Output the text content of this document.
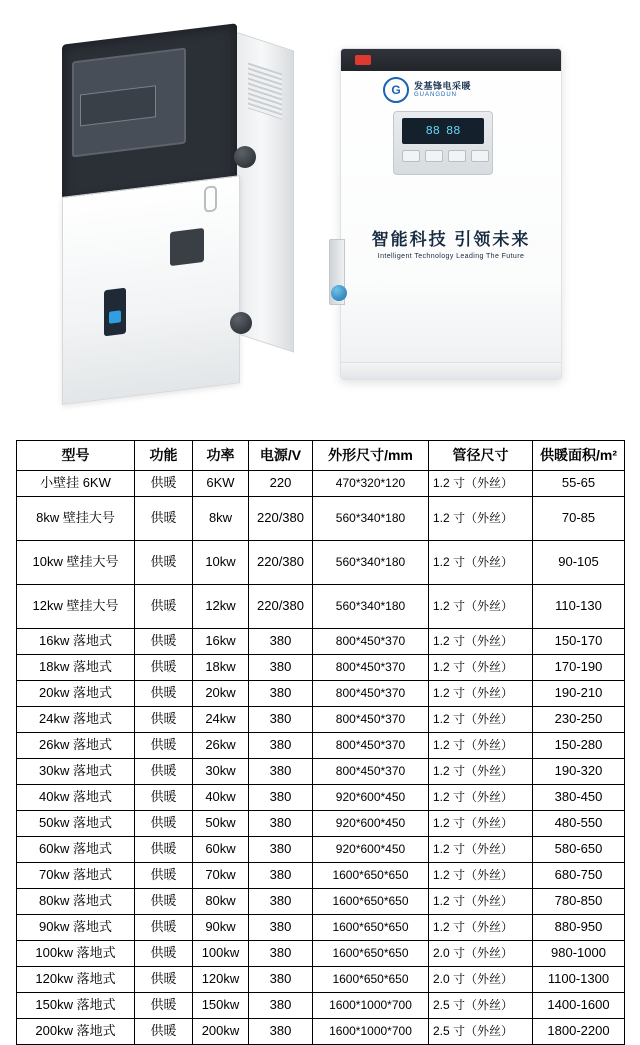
G	发基锋电采暖
GUANGDUN
88 88
智能科技 引领未来
Intelligent Technology Leading The Future
型号	功能	功率	电源/V	外形尺寸/mm	管径尺寸	供暖面积/m²
小壁挂 6KW	供暖	6KW	220	470*320*120	1.2 寸（外丝）	55-65
8kw 壁挂大号	供暖	8kw	220/380	560*340*180	1.2 寸（外丝）	70-85
10kw 壁挂大号	供暖	10kw	220/380	560*340*180	1.2 寸（外丝）	90-105
12kw 壁挂大号	供暖	12kw	220/380	560*340*180	1.2 寸（外丝）	110-130
16kw 落地式	供暖	16kw	380	800*450*370	1.2 寸（外丝）	150-170
18kw 落地式	供暖	18kw	380	800*450*370	1.2 寸（外丝）	170-190
20kw 落地式	供暖	20kw	380	800*450*370	1.2 寸（外丝）	190-210
24kw 落地式	供暖	24kw	380	800*450*370	1.2 寸（外丝）	230-250
26kw 落地式	供暖	26kw	380	800*450*370	1.2 寸（外丝）	150-280
30kw 落地式	供暖	30kw	380	800*450*370	1.2 寸（外丝）	190-320
40kw 落地式	供暖	40kw	380	920*600*450	1.2 寸（外丝）	380-450
50kw 落地式	供暖	50kw	380	920*600*450	1.2 寸（外丝）	480-550
60kw 落地式	供暖	60kw	380	920*600*450	1.2 寸（外丝）	580-650
70kw 落地式	供暖	70kw	380	1600*650*650	1.2 寸（外丝）	680-750
80kw 落地式	供暖	80kw	380	1600*650*650	1.2 寸（外丝）	780-850
90kw 落地式	供暖	90kw	380	1600*650*650	1.2 寸（外丝）	880-950
100kw 落地式	供暖	100kw	380	1600*650*650	2.0 寸（外丝）	980-1000
120kw 落地式	供暖	120kw	380	1600*650*650	2.0 寸（外丝）	1100-1300
150kw 落地式	供暖	150kw	380	1600*1000*700	2.5 寸（外丝）	1400-1600
200kw 落地式	供暖	200kw	380	1600*1000*700	2.5 寸（外丝）	1800-2200
